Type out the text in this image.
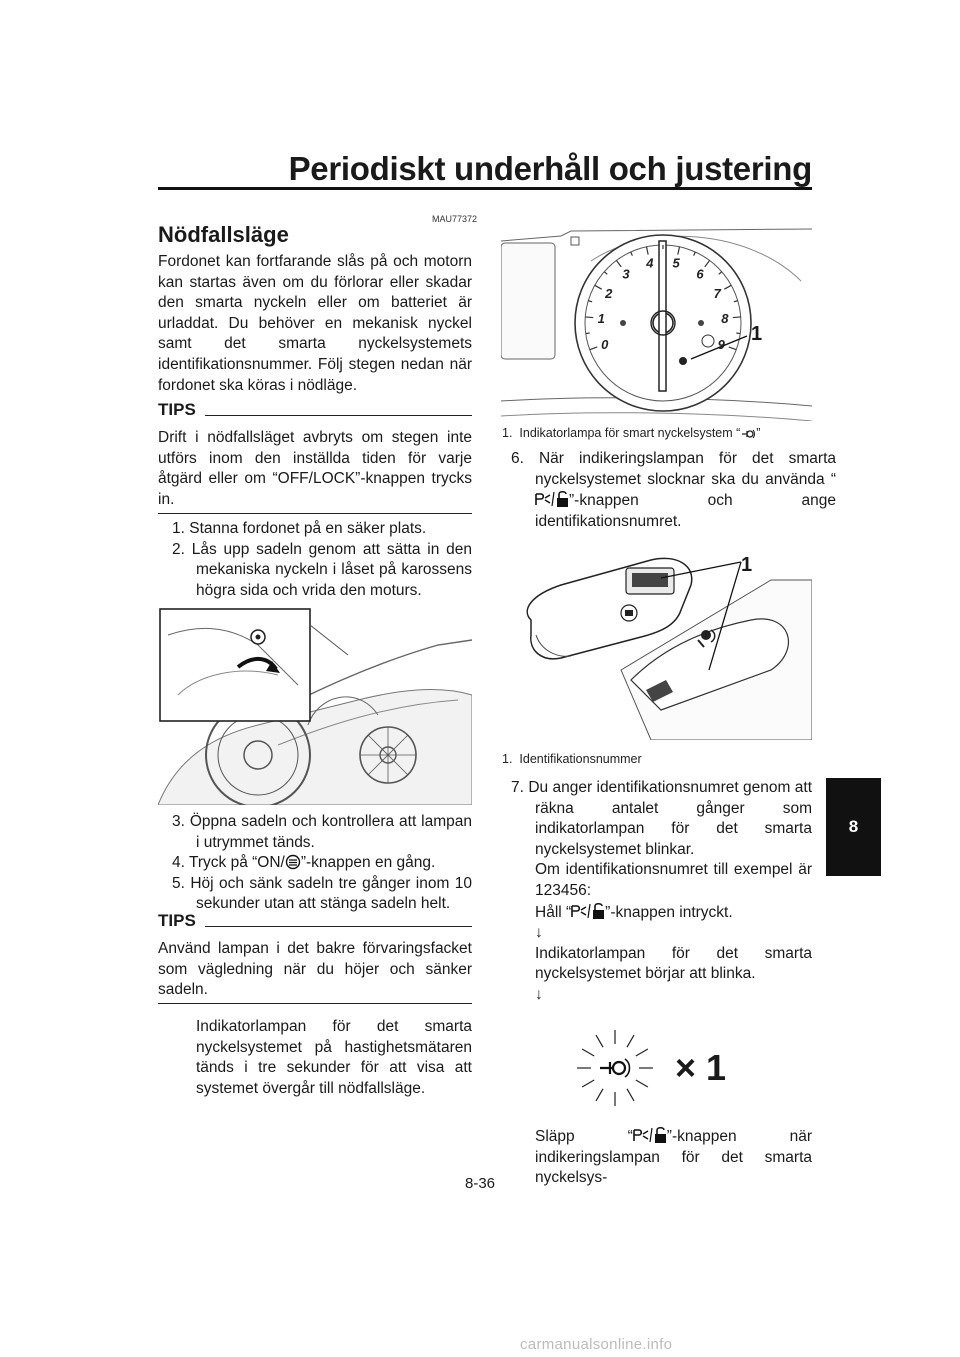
Periodiskt underhåll och justering
MAU77372
Nödfallsläge
Fordonet kan fortfarande slås på och motorn kan startas även om du förlorar eller skadar den smarta nyckeln eller om batteriet är urladdat. Du behöver en mekanisk nyckel samt det smarta nyckelsystemets identifikationsnummer. Följ stegen nedan när fordonet ska köras i nödläge.
TIPS
Drift i nödfallsläget avbryts om stegen inte utförs inom den inställda tiden för varje åtgärd eller om “OFF/LOCK”-knappen trycks in.
1. Stanna fordonet på en säker plats.
2. Lås upp sadeln genom att sätta in den mekaniska nyckeln i låset på karossens högra sida och vrida den moturs.
3. Öppna sadeln och kontrollera att lampan i utrymmet tänds.
4. Tryck på “ON/ ”-knappen en gång.
5. Höj och sänk sadeln tre gånger inom 10 sekunder utan att stänga sadeln helt.
TIPS
Använd lampan i det bakre förvaringsfacket som vägledning när du höjer och sänker sadeln.
Indikatorlampan för det smarta nyckelsystemet på hastighetsmätaren tänds i tre sekunder för att visa att systemet övergår till nödfallsläge.
0
1
2
3
4 5
6
7
8
9 1
1. Indikatorlampa för smart nyckelsystem “ ”
6. När indikeringslampan för det smarta nyckelsystemet slocknar ska du använda “
”-knappen och ange identifikationsnumret.
1
1. Identifikationsnummer
7. Du anger identifikationsnumret genom att räkna antalet gånger som indikatorlampan för det smarta nyckelsystemet blinkar.
Om identifikationsnumret till exempel är 123456:
Håll “ ”-knappen intryckt.
↓
Indikatorlampan för det smarta nyckelsystemet börjar att blinka.
↓
× 1
Släpp “ ”-knappen när indikeringslampan för det smarta nyckelsys-
8
8-36
carmanualsonline.info
